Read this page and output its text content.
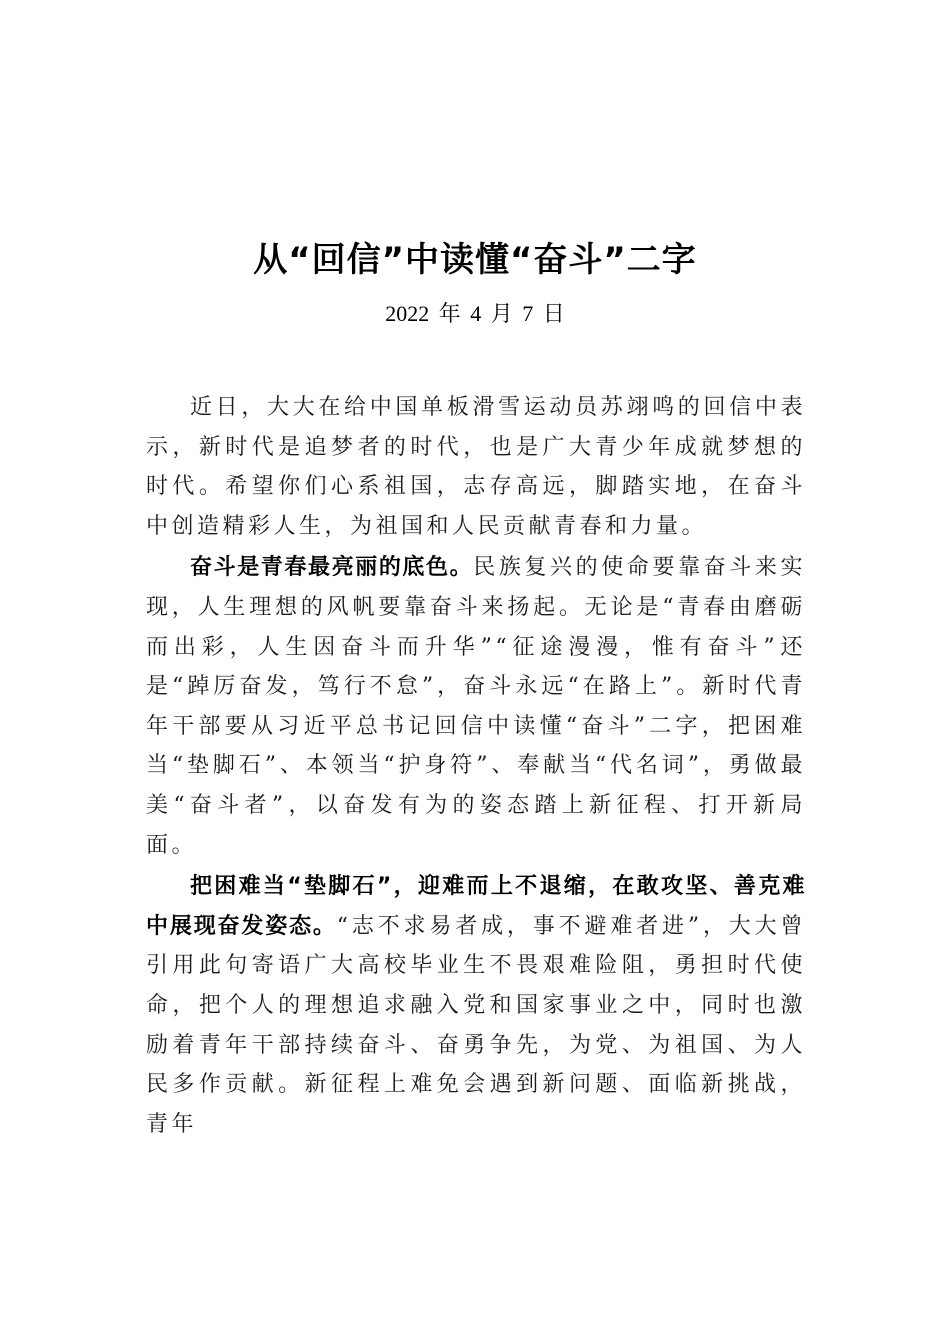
从“回信”中读懂“奋斗”二字
2022 年 4 月 7 日

近日，大大在给中国单板滑雪运动员苏翊鸣的回信中表示，新时代是追梦者的时代，也是广大青少年成就梦想的时代。希望你们心系祖国，志存高远，脚踏实地，在奋斗中创造精彩人生，为祖国和人民贡献青春和力量。

奋斗是青春最亮丽的底色。民族复兴的使命要靠奋斗来实现，人生理想的风帆要靠奋斗来扬起。无论是“青春由磨砺而出彩，人生因奋斗而升华”“征途漫漫，惟有奋斗”还是“踔厉奋发，笃行不怠”，奋斗永远“在路上”。新时代青年干部要从习近平总书记回信中读懂“奋斗”二字，把困难当“垫脚石”、本领当“护身符”、奉献当“代名词”，勇做最美“奋斗者”，以奋发有为的姿态踏上新征程、打开新局面。

把困难当“垫脚石”，迎难而上不退缩，在敢攻坚、善克难中展现奋发姿态。“志不求易者成，事不避难者进”，大大曾引用此句寄语广大高校毕业生不畏艰难险阻，勇担时代使命，把个人的理想追求融入党和国家事业之中，同时也激励着青年干部持续奋斗、奋勇争先，为党、为祖国、为人民多作贡献。新征程上难免会遇到新问题、面临新挑战，青年
